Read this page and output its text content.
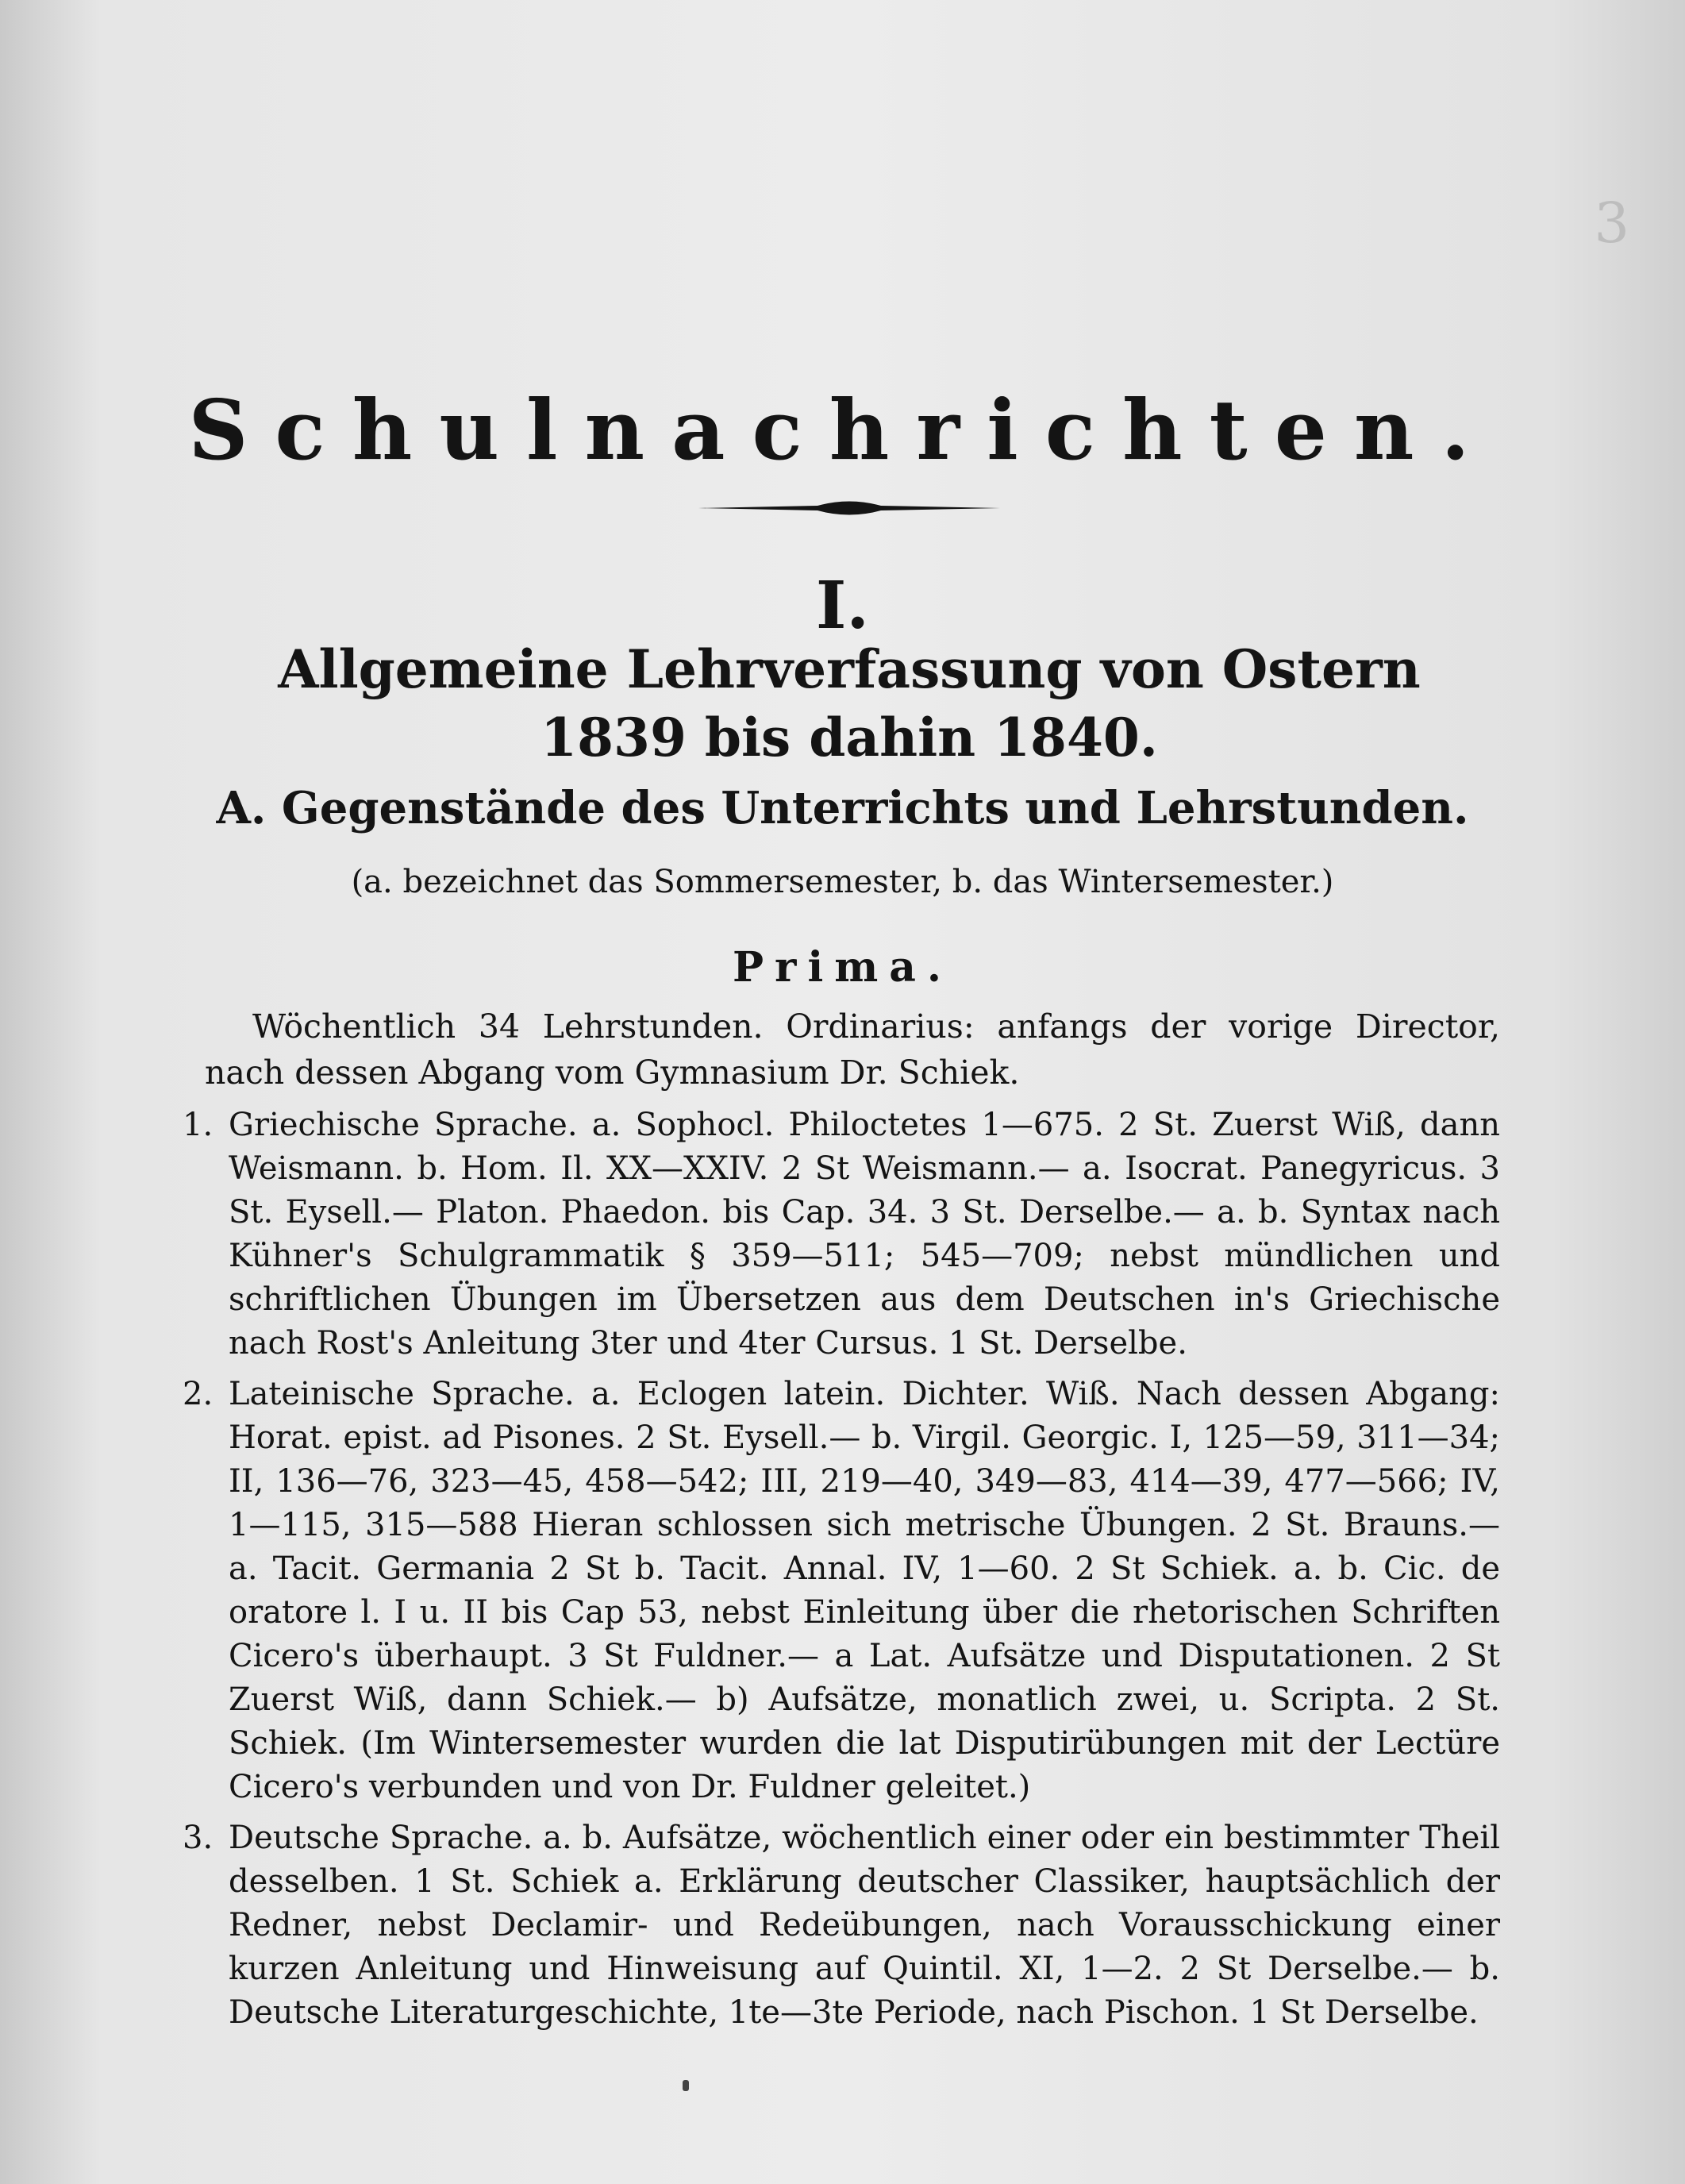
3
Schulnachrichten.
I.
Allgemeine Lehrverfassung von Ostern 1839 bis dahin 1840.
A. Gegenstände des Unterrichts und Lehrstunden.
(a. bezeichnet das Sommersemester, b. das Wintersemester.)
Prima.
Wöchentlich 34 Lehrstunden. Ordinarius: anfangs der vorige Director, nach dessen Abgang vom Gymnasium Dr. Schiek.
1. Griechische Sprache. a. Sophocl. Philoctetes 1—675. 2 St. Zuerst Wiß, dann Weismann. b. Hom. Il. XX—XXIV. 2 St Weismann.— a. Isocrat. Panegyricus. 3 St. Eysell.— Platon. Phaedon. bis Cap. 34. 3 St. Derselbe.— a. b. Syntax nach Kühner's Schulgrammatik § 359—511; 545—709; nebst mündlichen und schriftlichen Übungen im Übersetzen aus dem Deutschen in's Griechische nach Rost's Anleitung 3ter und 4ter Cursus. 1 St. Derselbe.
2. Lateinische Sprache. a. Eclogen latein. Dichter. Wiß. Nach dessen Abgang: Horat. epist. ad Pisones. 2 St. Eysell.— b. Virgil. Georgic. I, 125—59, 311—34; II, 136—76, 323—45, 458—542; III, 219—40, 349—83, 414—39, 477—566; IV, 1—115, 315—588 Hieran schlossen sich metrische Übungen. 2 St. Brauns.— a. Tacit. Germania 2 St b. Tacit. Annal. IV, 1—60. 2 St Schiek. a. b. Cic. de oratore l. I u. II bis Cap 53, nebst Einleitung über die rhetorischen Schriften Cicero's überhaupt. 3 St Fuldner.— a Lat. Aufsätze und Disputationen. 2 St Zuerst Wiß, dann Schiek.— b) Aufsätze, monatlich zwei, u. Scripta. 2 St. Schiek. (Im Wintersemester wurden die lat Disputirübungen mit der Lectüre Cicero's verbunden und von Dr. Fuldner geleitet.)
3. Deutsche Sprache. a. b. Aufsätze, wöchentlich einer oder ein bestimmter Theil desselben. 1 St. Schiek a. Erklärung deutscher Classiker, hauptsächlich der Redner, nebst Declamir- und Redeübungen, nach Vorausschickung einer kurzen Anleitung und Hinweisung auf Quintil. XI, 1—2. 2 St Derselbe.— b. Deutsche Literaturgeschichte, 1te—3te Periode, nach Pischon. 1 St Derselbe.
